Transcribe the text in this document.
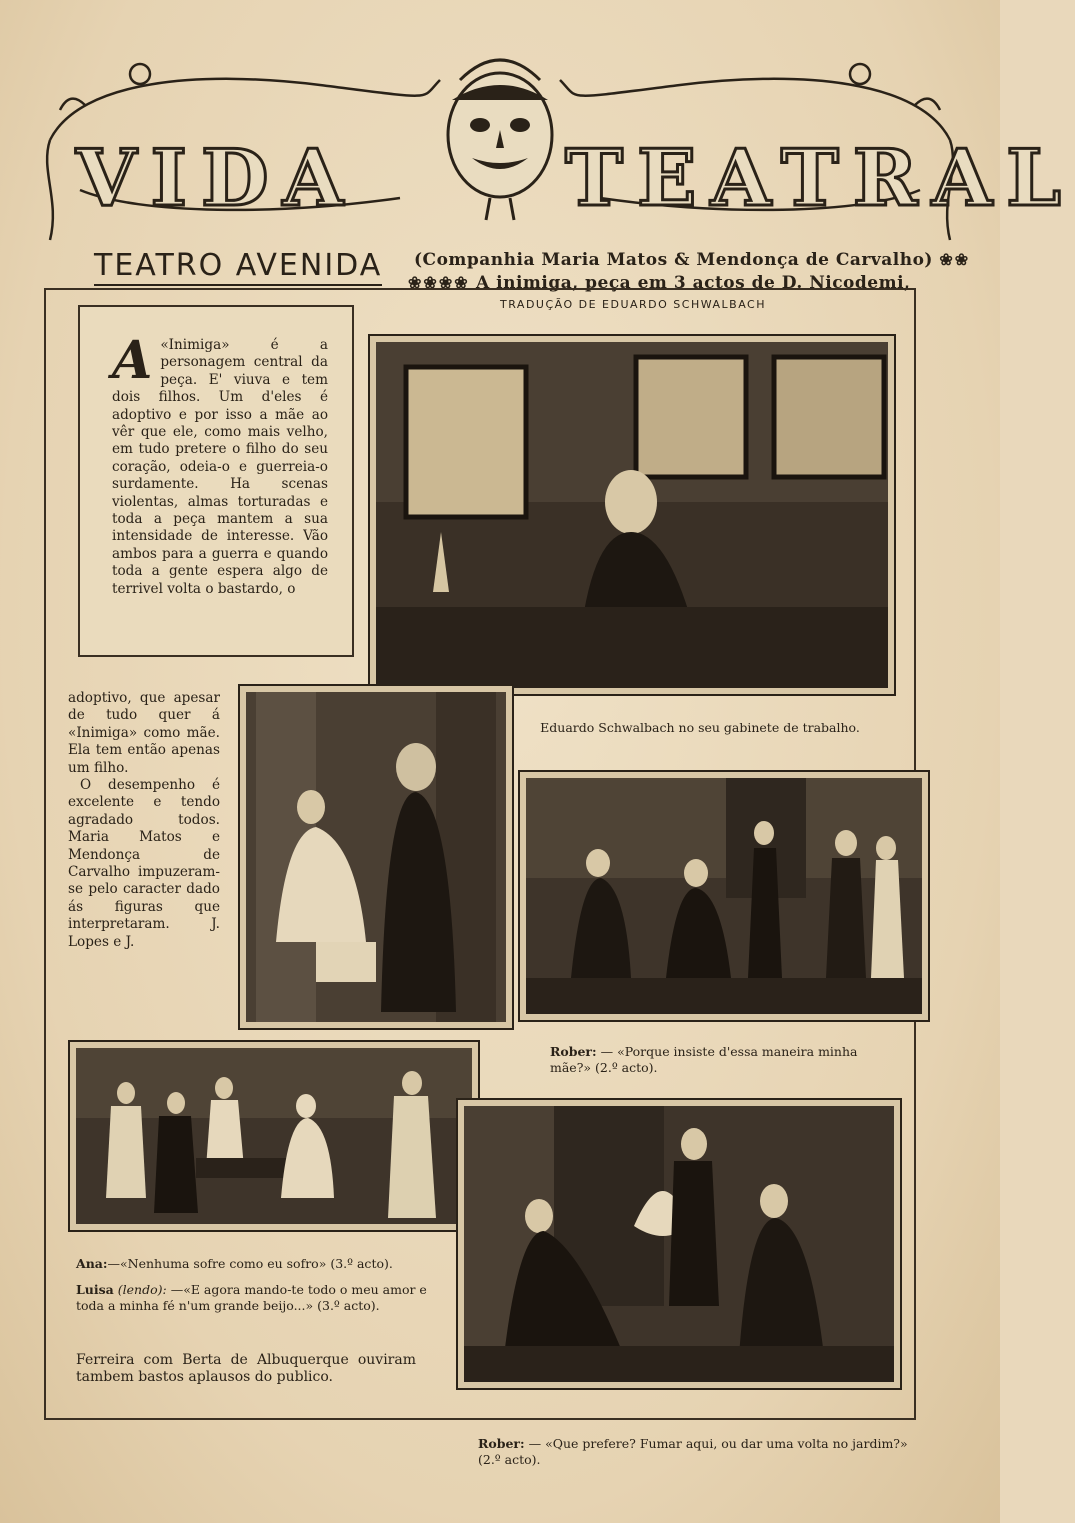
VIDA	TEATRAL
TEATRO AVENIDA (Companhia Maria Matos & Mendonça de Carvalho) ❀❀
❀❀❀❀ A inimiga, peça em 3 actos de D. Nicodemi,
TRADUÇÃO DE EDUARDO SCHWALBACH
A «Inimiga» é a personagem central da peça. E' viuva e tem dois filhos. Um d'eles é adoptivo e por isso a mãe ao vêr que ele, como mais velho, em tudo pretere o filho do seu coração, odeia-o e guerreia-o surdamente. Ha scenas violentas, almas torturadas e toda a peça mantem a sua intensidade de interesse. Vão ambos para a guerra e quando toda a gente espera algo de terrivel volta o bastardo, o
Eduardo Schwalbach no seu gabinete de trabalho.
adoptivo, que apesar de tudo quer á «Inimiga» como mãe. Ela tem então apenas um filho.
O desempenho é excelente e tendo agradado todos. Maria Matos e Mendonça de Carvalho impuzeram-se pelo caracter dado ás figuras que interpretaram. J. Lopes e J.
Rober: — «Porque insiste d'essa maneira minha mãe?» (2.º acto).
Ana:—«Nenhuma sofre como eu sofro» (3.º acto).
Luisa (lendo): —«E agora mando-te todo o meu amor e toda a minha fé n'um grande beijo...» (3.º acto).
Ferreira com Berta de Albuquerque ouviram tambem bastos aplausos do publico.
Rober: — «Que prefere? Fumar aqui, ou dar uma volta no jardim?» (2.º acto).
